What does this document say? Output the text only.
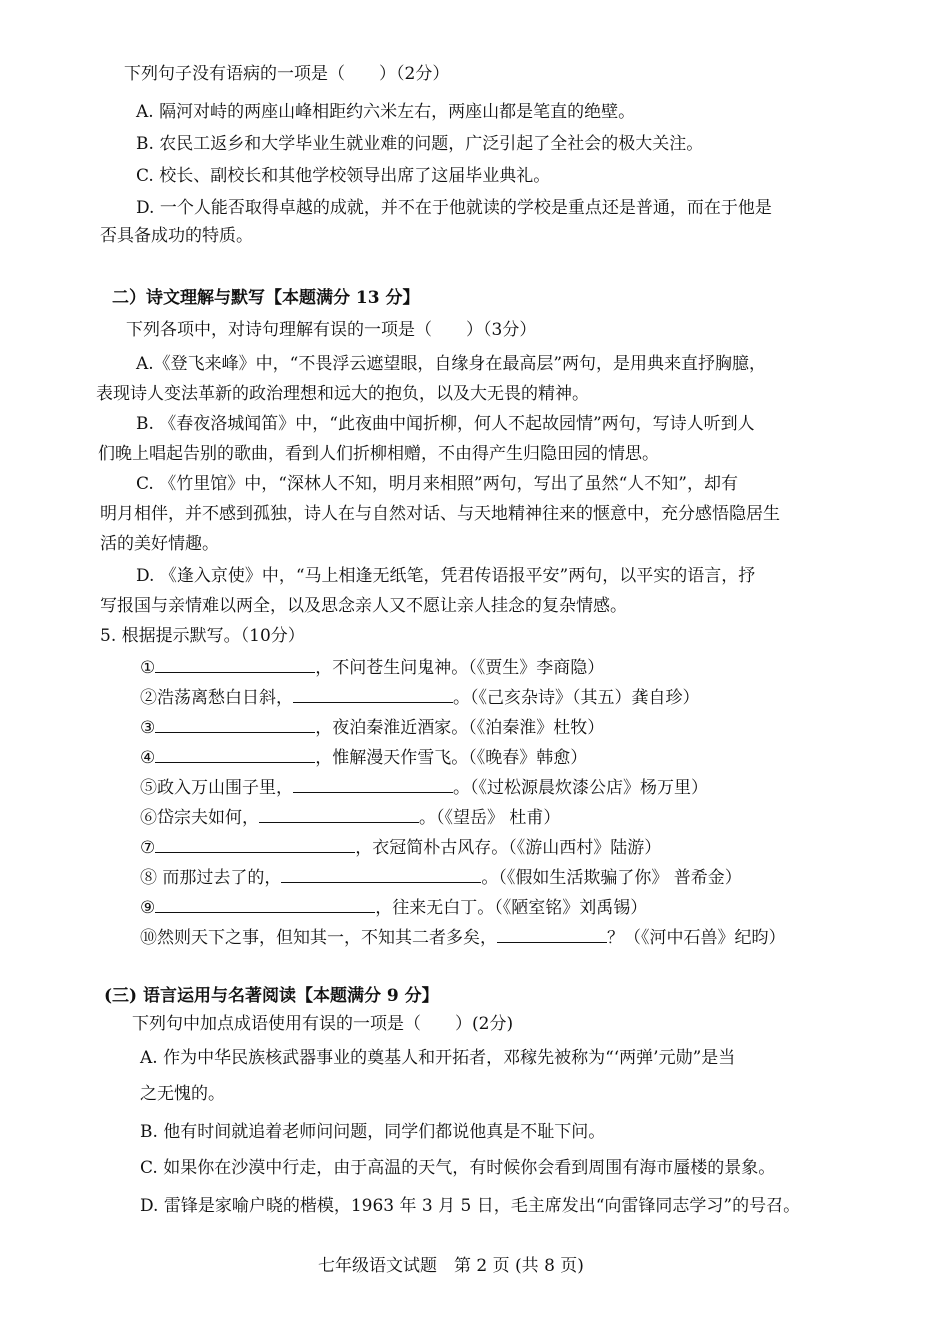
下列句子没有语病的一项是（　　）（2分）
A. 隔河对峙的两座山峰相距约六米左右，两座山都是笔直的绝壁。
B. 农民工返乡和大学毕业生就业难的问题，广泛引起了全社会的极大关注。
C. 校长、副校长和其他学校领导出席了这届毕业典礼。
D. 一个人能否取得卓越的成就，并不在于他就读的学校是重点还是普通，而在于他是
否具备成功的特质。
二）诗文理解与默写【本题满分 13 分】
下列各项中，对诗句理解有误的一项是（　　）（3分）
A.《登飞来峰》中，“不畏浮云遮望眼，自缘身在最高层”两句，是用典来直抒胸臆，
表现诗人变法革新的政治理想和远大的抱负，以及大无畏的精神。
B. 《春夜洛城闻笛》中，“此夜曲中闻折柳，何人不起故园情”两句，写诗人听到人
们晚上唱起告别的歌曲，看到人们折柳相赠，不由得产生归隐田园的情思。
C. 《竹里馆》中，“深林人不知，明月来相照”两句，写出了虽然“人不知”，却有
明月相伴，并不感到孤独，诗人在与自然对话、与天地精神往来的惬意中，充分感悟隐居生
活的美好情趣。
D. 《逢入京使》中，“马上相逢无纸笔，凭君传语报平安”两句，以平实的语言，抒
写报国与亲情难以两全，以及思念亲人又不愿让亲人挂念的复杂情感。
5. 根据提示默写。（10分）
①	，不问苍生问鬼神。（《贾生》李商隐）
②浩荡离愁白日斜，	。（《己亥杂诗》（其五）龚自珍）
③	，夜泊秦淮近酒家。（《泊秦淮》杜牧）
④	，惟解漫天作雪飞。（《晚春》韩愈）
⑤政入万山围子里，	。（《过松源晨炊漆公店》杨万里）
⑥岱宗夫如何，	。（《望岳》 杜甫）
⑦	，衣冠简朴古风存。（《游山西村》陆游）
⑧ 而那过去了的，	。（《假如生活欺骗了你》 普希金）
⑨	，往来无白丁。（《陋室铭》刘禹锡）
⑩然则天下之事，但知其一，不知其二者多矣，	？（《河中石兽》纪昀）
(三) 语言运用与名著阅读【本题满分 9 分】
下列句中加点成语使用有误的一项是（　　）(2分)
A. 作为中华民族核武器事业的奠基人和开拓者，邓稼先被称为“‘两弹’元勋”是当
之无愧的。
B. 他有时间就追着老师问问题，同学们都说他真是不耻下问。
C. 如果你在沙漠中行走，由于高温的天气，有时候你会看到周围有海市蜃楼的景象。
D. 雷锋是家喻户晓的楷模，1963 年 3 月 5 日，毛主席发出“向雷锋同志学习”的号召。
七年级语文试题　第 2 页 (共 8 页)
